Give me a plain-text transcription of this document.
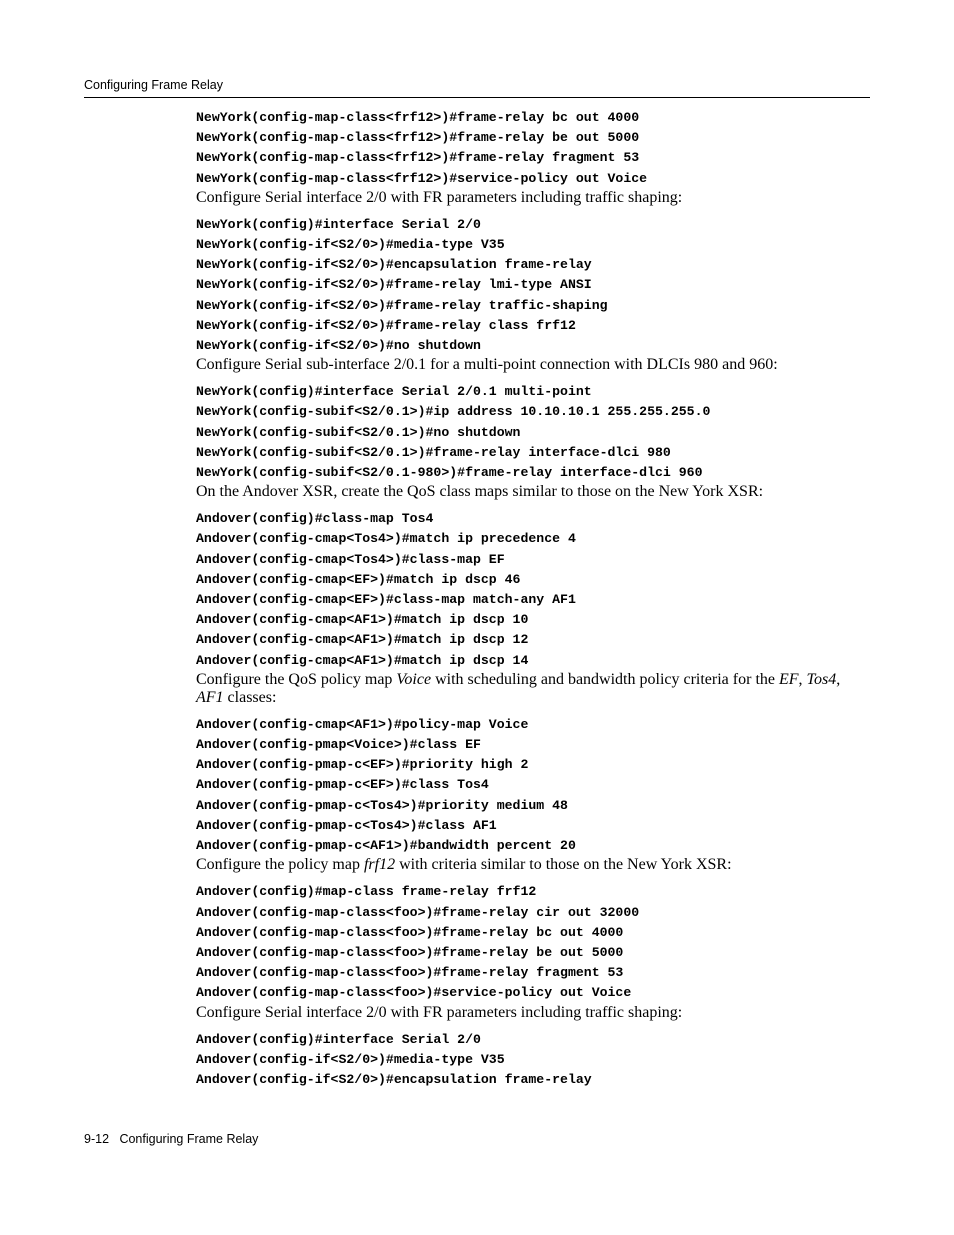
Configuring Frame Relay
NewYork(config-map-class<frf12>)#frame-relay bc out 4000
NewYork(config-map-class<frf12>)#frame-relay be out 5000
NewYork(config-map-class<frf12>)#frame-relay fragment 53
NewYork(config-map-class<frf12>)#service-policy out Voice

Configure Serial interface 2/0 with FR parameters including traffic shaping:

NewYork(config)#interface Serial 2/0
NewYork(config-if<S2/0>)#media-type V35
NewYork(config-if<S2/0>)#encapsulation frame-relay
NewYork(config-if<S2/0>)#frame-relay lmi-type ANSI
NewYork(config-if<S2/0>)#frame-relay traffic-shaping
NewYork(config-if<S2/0>)#frame-relay class frf12
NewYork(config-if<S2/0>)#no shutdown

Configure Serial sub-interface 2/0.1 for a multi-point connection with DLCIs 980 and 960:

NewYork(config)#interface Serial 2/0.1 multi-point
NewYork(config-subif<S2/0.1>)#ip address 10.10.10.1 255.255.255.0
NewYork(config-subif<S2/0.1>)#no shutdown
NewYork(config-subif<S2/0.1>)#frame-relay interface-dlci 980
NewYork(config-subif<S2/0.1-980>)#frame-relay interface-dlci 960

On the Andover XSR, create the QoS class maps similar to those on the New York XSR:

Andover(config)#class-map Tos4
Andover(config-cmap<Tos4>)#match ip precedence 4
Andover(config-cmap<Tos4>)#class-map EF
Andover(config-cmap<EF>)#match ip dscp 46
Andover(config-cmap<EF>)#class-map match-any AF1
Andover(config-cmap<AF1>)#match ip dscp 10
Andover(config-cmap<AF1>)#match ip dscp 12
Andover(config-cmap<AF1>)#match ip dscp 14

Configure the QoS policy map Voice with scheduling and bandwidth policy criteria for the EF, Tos4, AF1 classes:

Andover(config-cmap<AF1>)#policy-map Voice
Andover(config-pmap<Voice>)#class EF
Andover(config-pmap-c<EF>)#priority high 2
Andover(config-pmap-c<EF>)#class Tos4
Andover(config-pmap-c<Tos4>)#priority medium 48
Andover(config-pmap-c<Tos4>)#class AF1
Andover(config-pmap-c<AF1>)#bandwidth percent 20

Configure the policy map frf12 with criteria similar to those on the New York XSR:

Andover(config)#map-class frame-relay frf12
Andover(config-map-class<foo>)#frame-relay cir out 32000
Andover(config-map-class<foo>)#frame-relay bc out 4000
Andover(config-map-class<foo>)#frame-relay be out 5000
Andover(config-map-class<foo>)#frame-relay fragment 53
Andover(config-map-class<foo>)#service-policy out Voice

Configure Serial interface 2/0 with FR parameters including traffic shaping:

Andover(config)#interface Serial 2/0
Andover(config-if<S2/0>)#media-type V35
Andover(config-if<S2/0>)#encapsulation frame-relay
9-12 Configuring Frame Relay
